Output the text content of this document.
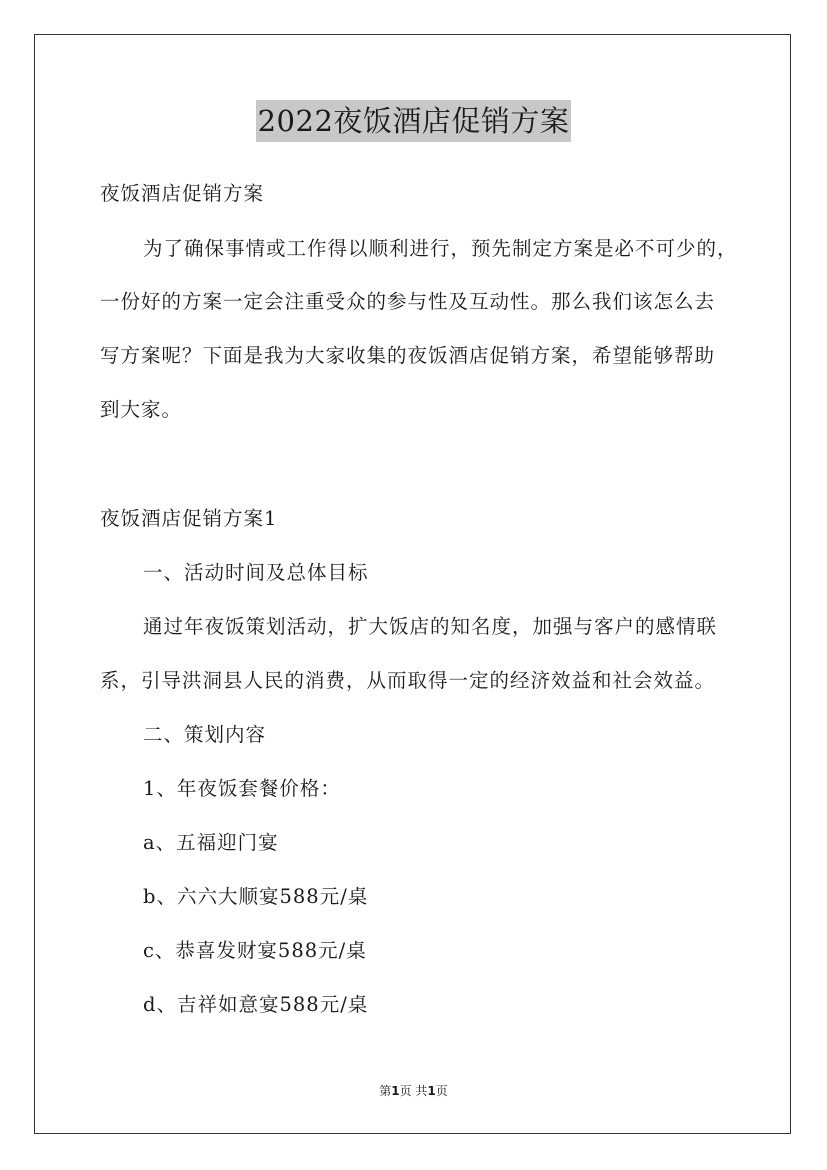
2022夜饭酒店促销方案
夜饭酒店促销方案
为了确保事情或工作得以顺利进行，预先制定方案是必不可少的，
一份好的方案一定会注重受众的参与性及互动性。那么我们该怎么去
写方案呢？下面是我为大家收集的夜饭酒店促销方案，希望能够帮助
到大家。
夜饭酒店促销方案1
一、活动时间及总体目标
通过年夜饭策划活动，扩大饭店的知名度，加强与客户的感情联
系，引导洪洞县人民的消费，从而取得一定的经济效益和社会效益。
二、策划内容
1、年夜饭套餐价格：
a、五福迎门宴
b、六六大顺宴588元/桌
c、恭喜发财宴588元/桌
d、吉祥如意宴588元/桌
第1页 共1页
